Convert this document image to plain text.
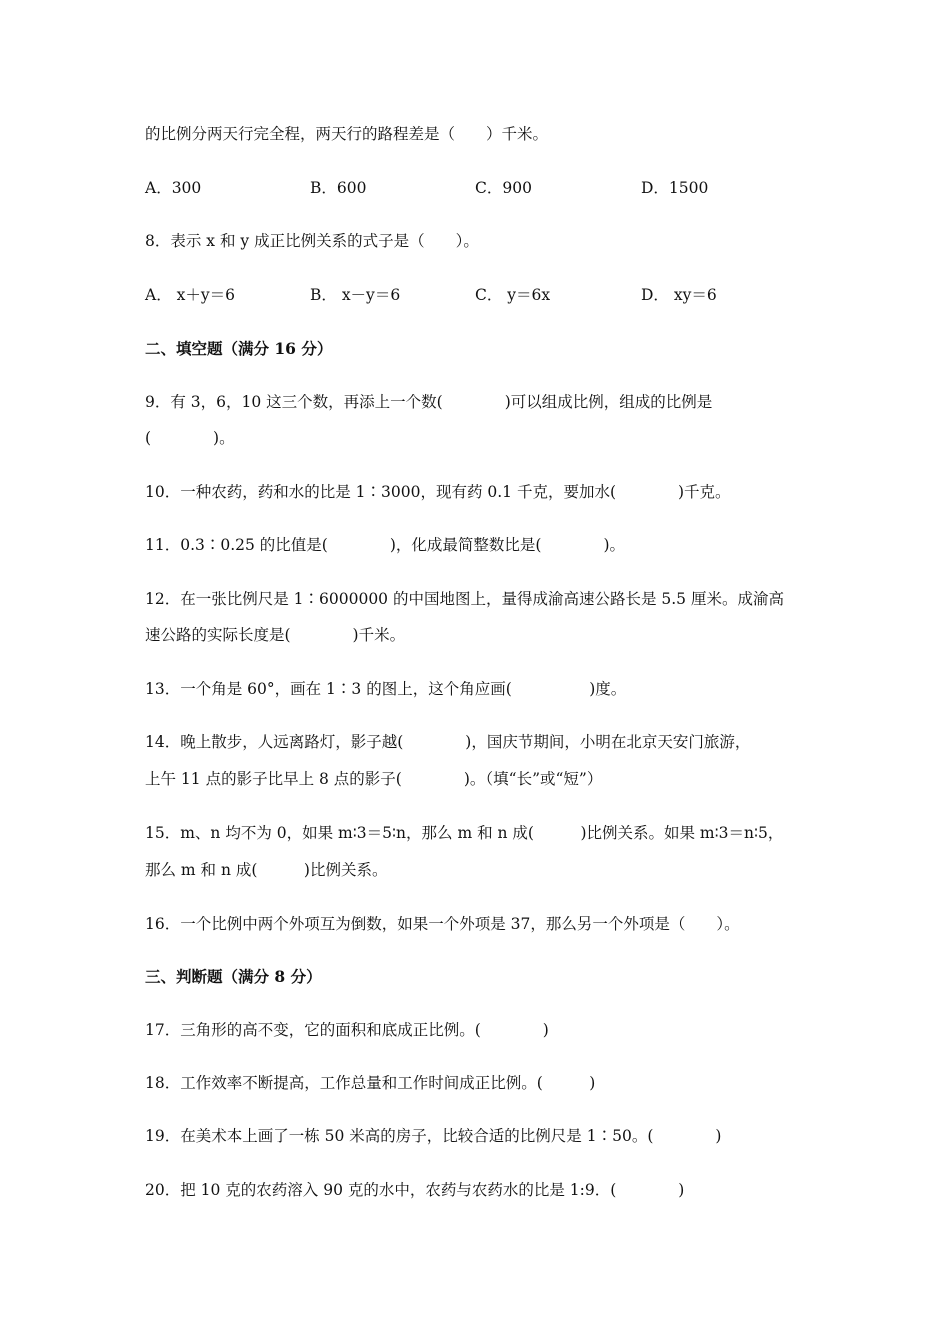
的比例分两天行完全程，两天行的路程差是（　　）千米。

A．300	B．600	C．900	D．1500

8．表示 x 和 y 成正比例关系的式子是（　　）。

A． x＋y＝6	B． x－y＝6	C． y＝6x	D． xy＝6

二、填空题（满分 16 分）

9．有 3，6，10 这三个数，再添上一个数(　　　　)可以组成比例，组成的比例是

(　　　　)。

10．一种农药，药和水的比是 1∶3000，现有药 0.1 千克，要加水(　　　　)千克。

11．0.3∶0.25 的比值是(　　　　)，化成最简整数比是(　　　　)。

12．在一张比例尺是 1∶6000000 的中国地图上，量得成渝高速公路长是 5.5 厘米。成渝高

速公路的实际长度是(　　　　)千米。

13．一个角是 60°，画在 1∶3 的图上，这个角应画(　　　　　)度。

14．晚上散步，人远离路灯，影子越(　　　　)，国庆节期间，小明在北京天安门旅游，

上午 11 点的影子比早上 8 点的影子(　　　　)。（填“长”或“短”）

15．m、n 均不为 0，如果 m∶3＝5∶n，那么 m 和 n 成(　　　)比例关系。如果 m∶3＝n∶5，

那么 m 和 n 成(　　　)比例关系。

16．一个比例中两个外项互为倒数，如果一个外项是 37，那么另一个外项是（　　）。

三、判断题（满分 8 分）

17．三角形的高不变，它的面积和底成正比例。(　　　　)

18．工作效率不断提高，工作总量和工作时间成正比例。(　　　)

19．在美术本上画了一栋 50 米高的房子，比较合适的比例尺是 1∶50。(　　　　)

20．把 10 克的农药溶入 90 克的水中，农药与农药水的比是 1:9．(　　　　)
